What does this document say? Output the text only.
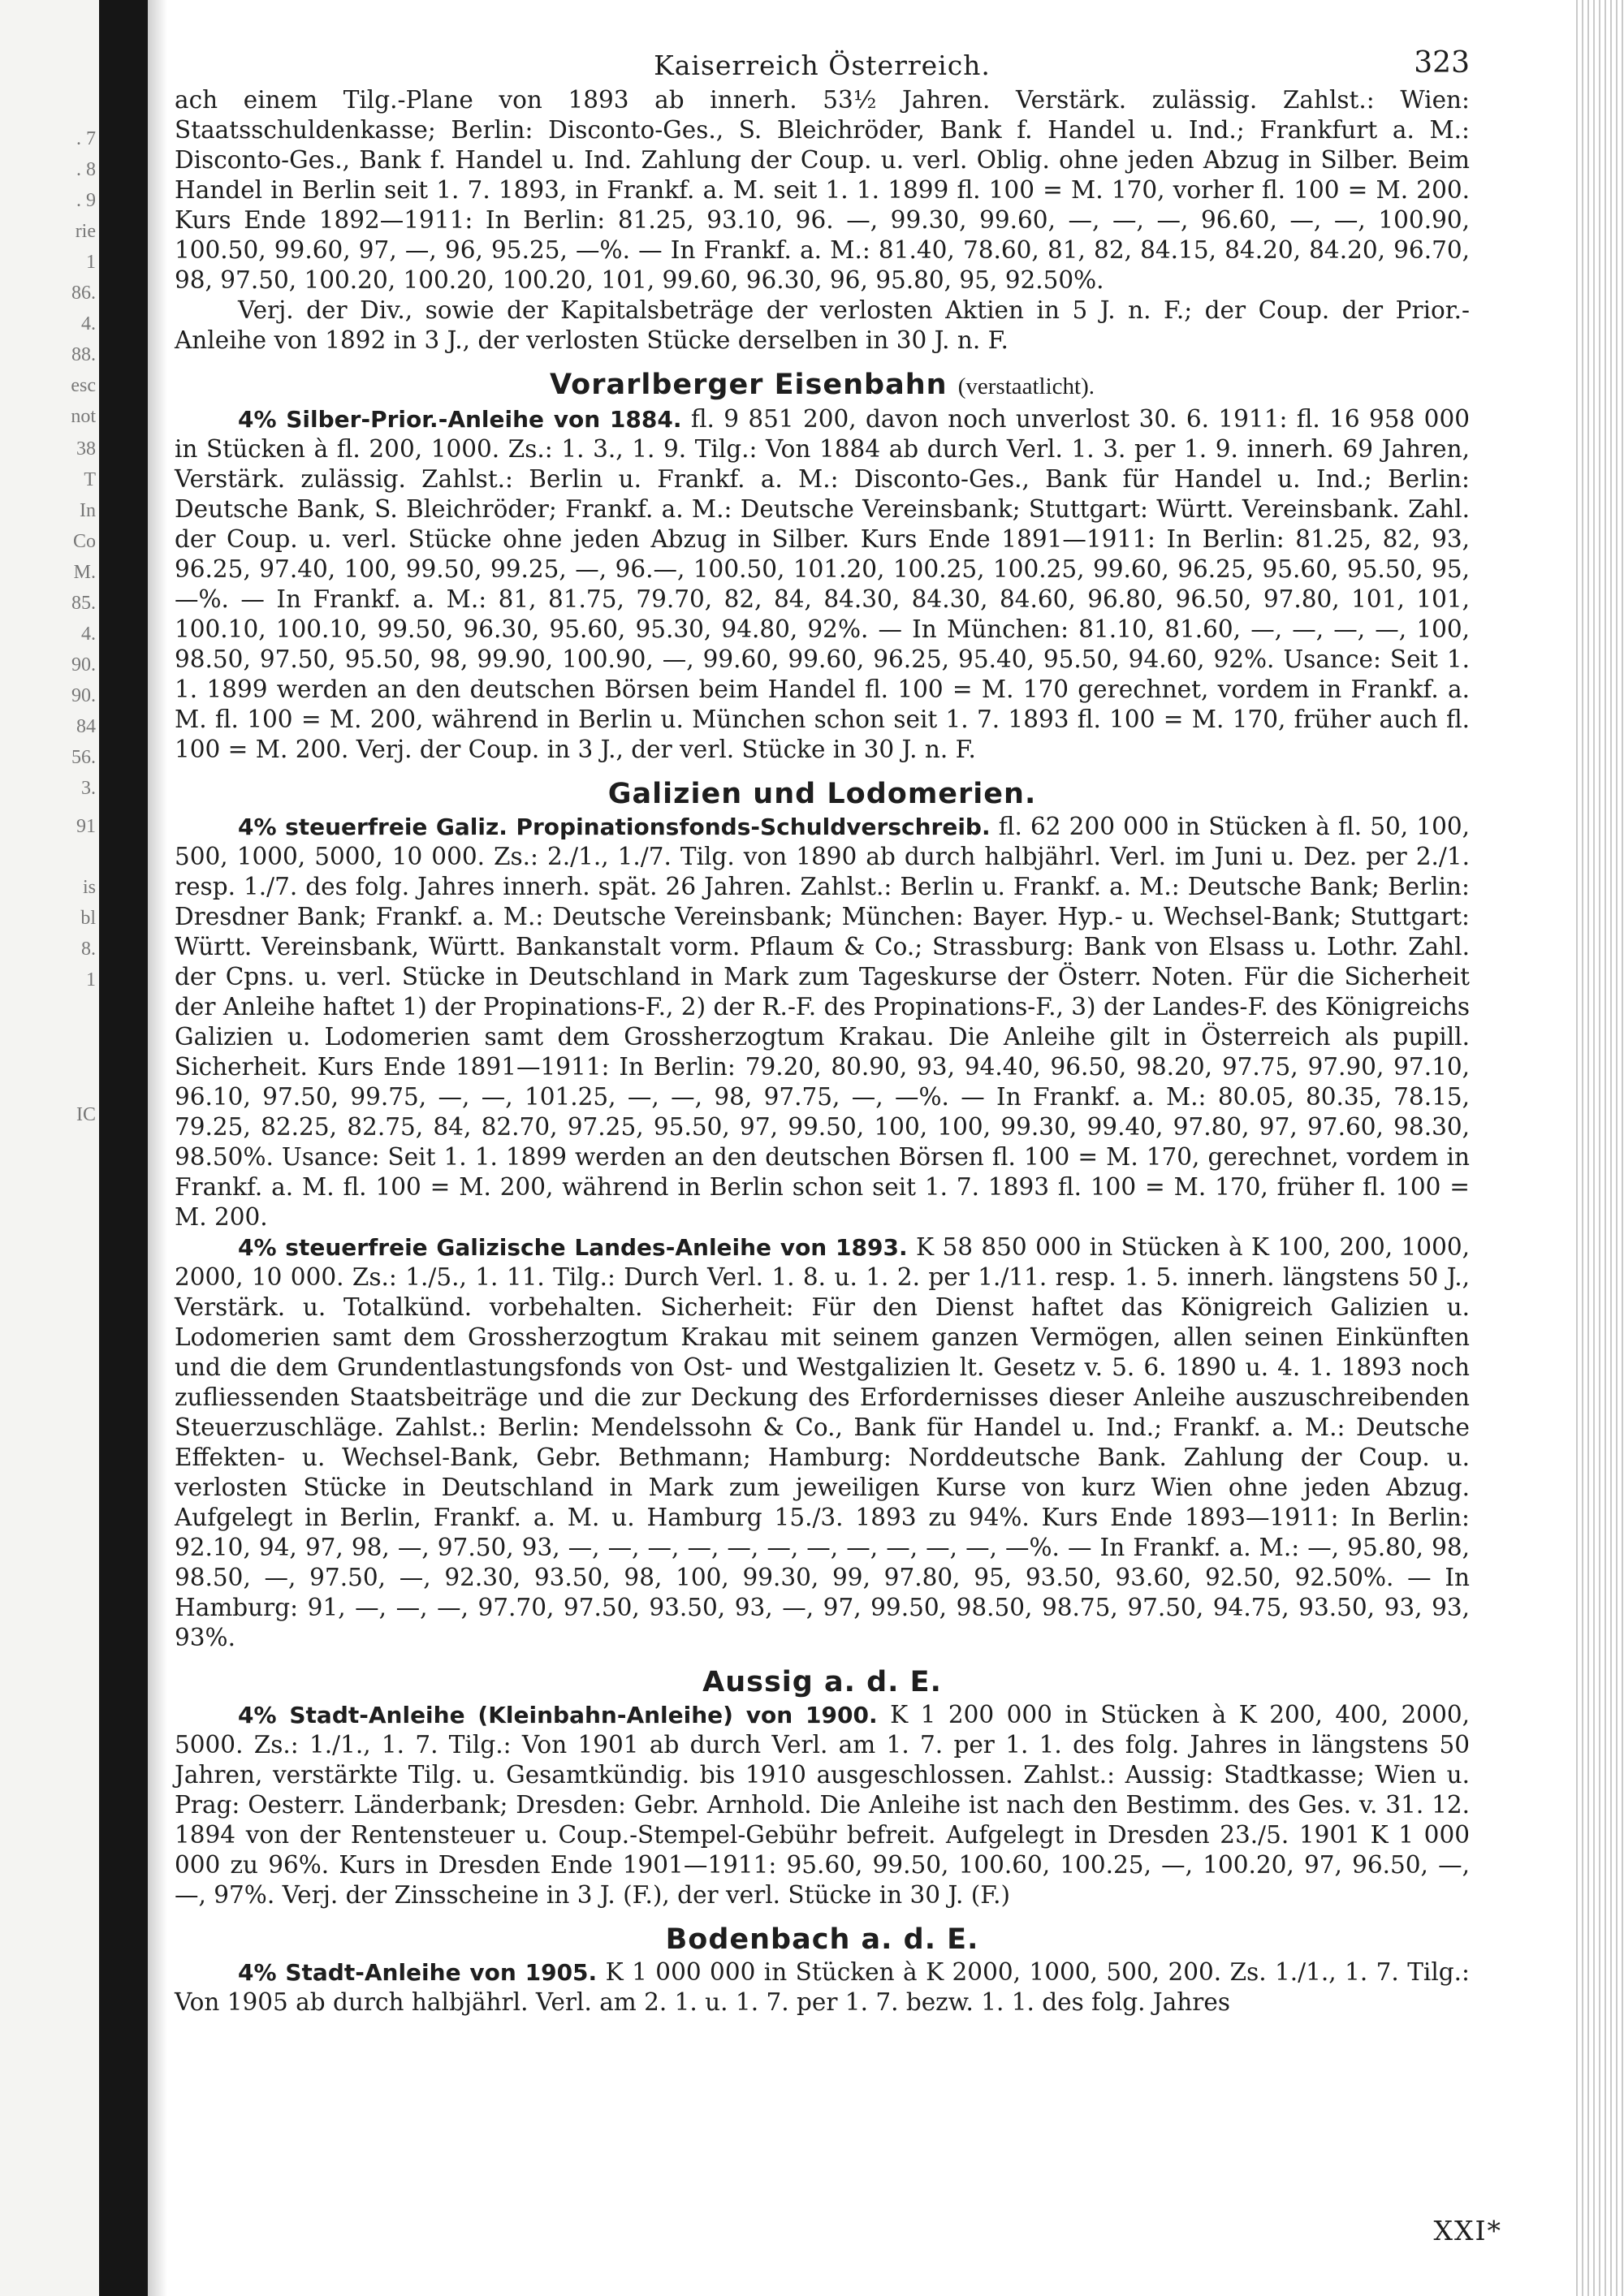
. 7
. 8
. 9
rie
1
86.
4.
88.
esc
not
38
T
In
Co
M.
85.
4.
90.
90.
84
56.
3.
91
is
bl
8.
1
IC
Kaiserreich Österreich.	323

ach einem Tilg.-Plane von 1893 ab innerh. 53½ Jahren. Verstärk. zulässig. Zahlst.: Wien: Staatsschuldenkasse; Berlin: Disconto-Ges., S. Bleichröder, Bank f. Handel u. Ind.; Frankfurt a. M.: Disconto-Ges., Bank f. Handel u. Ind. Zahlung der Coup. u. verl. Oblig. ohne jeden Abzug in Silber. Beim Handel in Berlin seit 1. 7. 1893, in Frankf. a. M. seit 1. 1. 1899 fl. 100 = M. 170, vorher fl. 100 = M. 200. Kurs Ende 1892—1911: In Berlin: 81.25, 93.10, 96. —, 99.30, 99.60, —, —, —, 96.60, —, —, 100.90, 100.50, 99.60, 97, —, 96, 95.25, —%. — In Frankf. a. M.: 81.40, 78.60, 81, 82, 84.15, 84.20, 84.20, 96.70, 98, 97.50, 100.20, 100.20, 100.20, 101, 99.60, 96.30, 96, 95.80, 95, 92.50%.

Verj. der Div., sowie der Kapitalsbeträge der verlosten Aktien in 5 J. n. F.; der Coup. der Prior.-Anleihe von 1892 in 3 J., der verlosten Stücke derselben in 30 J. n. F.

Vorarlberger Eisenbahn (verstaatlicht).

4% Silber-Prior.-Anleihe von 1884. fl. 9 851 200, davon noch unverlost 30. 6. 1911: fl. 16 958 000 in Stücken à fl. 200, 1000. Zs.: 1. 3., 1. 9. Tilg.: Von 1884 ab durch Verl. 1. 3. per 1. 9. innerh. 69 Jahren, Verstärk. zulässig. Zahlst.: Berlin u. Frankf. a. M.: Disconto-Ges., Bank für Handel u. Ind.; Berlin: Deutsche Bank, S. Bleichröder; Frankf. a. M.: Deutsche Vereinsbank; Stuttgart: Württ. Vereinsbank. Zahl. der Coup. u. verl. Stücke ohne jeden Abzug in Silber. Kurs Ende 1891—1911: In Berlin: 81.25, 82, 93, 96.25, 97.40, 100, 99.50, 99.25, —, 96.—, 100.50, 101.20, 100.25, 100.25, 99.60, 96.25, 95.60, 95.50, 95, —%. — In Frankf. a. M.: 81, 81.75, 79.70, 82, 84, 84.30, 84.30, 84.60, 96.80, 96.50, 97.80, 101, 101, 100.10, 100.10, 99.50, 96.30, 95.60, 95.30, 94.80, 92%. — In München: 81.10, 81.60, —, —, —, —, 100, 98.50, 97.50, 95.50, 98, 99.90, 100.90, —, 99.60, 99.60, 96.25, 95.40, 95.50, 94.60, 92%. Usance: Seit 1. 1. 1899 werden an den deutschen Börsen beim Handel fl. 100 = M. 170 gerechnet, vordem in Frankf. a. M. fl. 100 = M. 200, während in Berlin u. München schon seit 1. 7. 1893 fl. 100 = M. 170, früher auch fl. 100 = M. 200. Verj. der Coup. in 3 J., der verl. Stücke in 30 J. n. F.

Galizien und Lodomerien.

4% steuerfreie Galiz. Propinationsfonds-Schuldverschreib. fl. 62 200 000 in Stücken à fl. 50, 100, 500, 1000, 5000, 10 000. Zs.: 2./1., 1./7. Tilg. von 1890 ab durch halbjährl. Verl. im Juni u. Dez. per 2./1. resp. 1./7. des folg. Jahres innerh. spät. 26 Jahren. Zahlst.: Berlin u. Frankf. a. M.: Deutsche Bank; Berlin: Dresdner Bank; Frankf. a. M.: Deutsche Vereinsbank; München: Bayer. Hyp.- u. Wechsel-Bank; Stuttgart: Württ. Vereinsbank, Württ. Bankanstalt vorm. Pflaum & Co.; Strassburg: Bank von Elsass u. Lothr. Zahl. der Cpns. u. verl. Stücke in Deutschland in Mark zum Tageskurse der Österr. Noten. Für die Sicherheit der Anleihe haftet 1) der Propinations-F., 2) der R.-F. des Propinations-F., 3) der Landes-F. des Königreichs Galizien u. Lodomerien samt dem Grossherzogtum Krakau. Die Anleihe gilt in Österreich als pupill. Sicherheit. Kurs Ende 1891—1911: In Berlin: 79.20, 80.90, 93, 94.40, 96.50, 98.20, 97.75, 97.90, 97.10, 96.10, 97.50, 99.75, —, —, 101.25, —, —, 98, 97.75, —, —%. — In Frankf. a. M.: 80.05, 80.35, 78.15, 79.25, 82.25, 82.75, 84, 82.70, 97.25, 95.50, 97, 99.50, 100, 100, 99.30, 99.40, 97.80, 97, 97.60, 98.30, 98.50%. Usance: Seit 1. 1. 1899 werden an den deutschen Börsen fl. 100 = M. 170, gerechnet, vordem in Frankf. a. M. fl. 100 = M. 200, während in Berlin schon seit 1. 7. 1893 fl. 100 = M. 170, früher fl. 100 = M. 200.

4% steuerfreie Galizische Landes-Anleihe von 1893. K 58 850 000 in Stücken à K 100, 200, 1000, 2000, 10 000. Zs.: 1./5., 1. 11. Tilg.: Durch Verl. 1. 8. u. 1. 2. per 1./11. resp. 1. 5. innerh. längstens 50 J., Verstärk. u. Totalkünd. vorbehalten. Sicherheit: Für den Dienst haftet das Königreich Galizien u. Lodomerien samt dem Grossherzogtum Krakau mit seinem ganzen Vermögen, allen seinen Einkünften und die dem Grundentlastungsfonds von Ost- und Westgalizien lt. Gesetz v. 5. 6. 1890 u. 4. 1. 1893 noch zufliessenden Staatsbeiträge und die zur Deckung des Erfordernisses dieser Anleihe auszuschreibenden Steuerzuschläge. Zahlst.: Berlin: Mendelssohn & Co., Bank für Handel u. Ind.; Frankf. a. M.: Deutsche Effekten- u. Wechsel-Bank, Gebr. Bethmann; Hamburg: Norddeutsche Bank. Zahlung der Coup. u. verlosten Stücke in Deutschland in Mark zum jeweiligen Kurse von kurz Wien ohne jeden Abzug. Aufgelegt in Berlin, Frankf. a. M. u. Hamburg 15./3. 1893 zu 94%. Kurs Ende 1893—1911: In Berlin: 92.10, 94, 97, 98, —, 97.50, 93, —, —, —, —, —, —, —, —, —, —, —, —%. — In Frankf. a. M.: —, 95.80, 98, 98.50, —, 97.50, —, 92.30, 93.50, 98, 100, 99.30, 99, 97.80, 95, 93.50, 93.60, 92.50, 92.50%. — In Hamburg: 91, —, —, —, 97.70, 97.50, 93.50, 93, —, 97, 99.50, 98.50, 98.75, 97.50, 94.75, 93.50, 93, 93, 93%.

Aussig a. d. E.

4% Stadt-Anleihe (Kleinbahn-Anleihe) von 1900. K 1 200 000 in Stücken à K 200, 400, 2000, 5000. Zs.: 1./1., 1. 7. Tilg.: Von 1901 ab durch Verl. am 1. 7. per 1. 1. des folg. Jahres in längstens 50 Jahren, verstärkte Tilg. u. Gesamtkündig. bis 1910 ausgeschlossen. Zahlst.: Aussig: Stadtkasse; Wien u. Prag: Oesterr. Länderbank; Dresden: Gebr. Arnhold. Die Anleihe ist nach den Bestimm. des Ges. v. 31. 12. 1894 von der Rentensteuer u. Coup.-Stempel-Gebühr befreit. Aufgelegt in Dresden 23./5. 1901 K 1 000 000 zu 96%. Kurs in Dresden Ende 1901—1911: 95.60, 99.50, 100.60, 100.25, —, 100.20, 97, 96.50, —, —, 97%. Verj. der Zinsscheine in 3 J. (F.), der verl. Stücke in 30 J. (F.)

Bodenbach a. d. E.

4% Stadt-Anleihe von 1905. K 1 000 000 in Stücken à K 2000, 1000, 500, 200. Zs. 1./1., 1. 7. Tilg.: Von 1905 ab durch halbjährl. Verl. am 2. 1. u. 1. 7. per 1. 7. bezw. 1. 1. des folg. Jahres

XXI*
